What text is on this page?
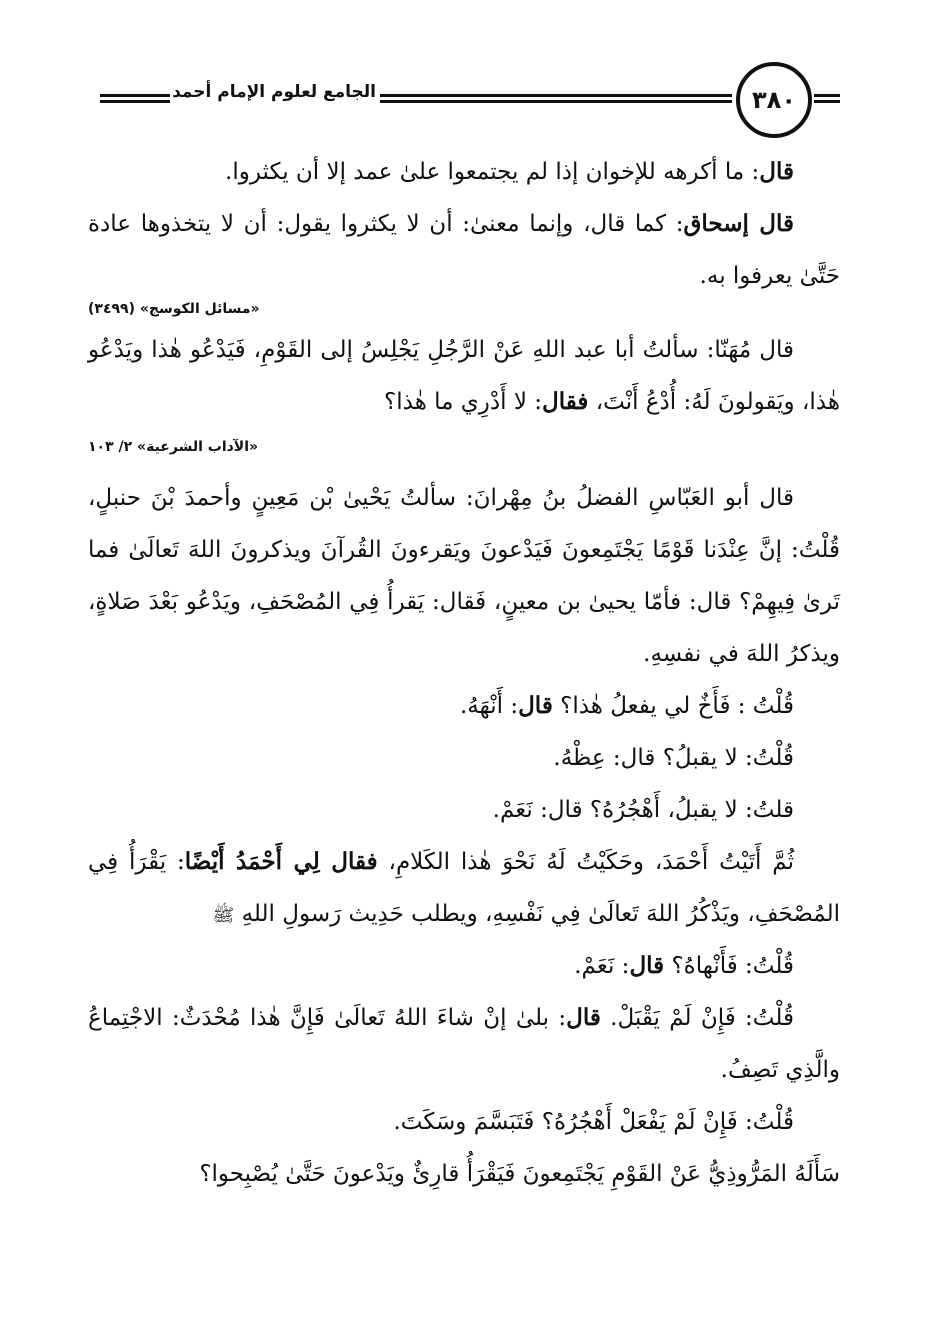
الجامع لعلوم الإمام أحمد	٣٨٠

قال: ما أكرهه للإخوان إذا لم يجتمعوا علىٰ عمد إلا أن يكثروا.

قال إسحاق: كما قال، وإنما معنىٰ: أن لا يكثروا يقول: أن لا يتخذوها عادة حَتَّىٰ يعرفوا به.

«مسائل الكوسج» (٣٤٩٩)

قال مُهَنّا: سألتُ أبا عبد اللهِ عَنْ الرَّجُلِ يَجْلِسُ إلى القَوْمِ، فَيَدْعُو هٰذا ويَدْعُو هٰذا، ويَقولونَ لَهُ: أُدْعُ أَنْتَ، فقال: لا أَدْرِي ما هٰذا؟

«الآداب الشرعية» ٢/ ١٠٣

قال أبو العَبّاسِ الفضلُ بنُ مِهْرانَ: سألتُ يَحْيىٰ بْن مَعِينٍ وأحمدَ بْنَ حنبلٍ، قُلْتُ: إنَّ عِنْدَنا قَوْمًا يَجْتَمِعونَ فَيَدْعونَ ويَقرءونَ القُرآنَ ويذكرونَ اللهَ تَعالَىٰ فما تَرىٰ فِيهِمْ؟ قال: فأمّا يحيىٰ بن معينٍ، فَقال: يَقرأُ فِي المُصْحَفِ، ويَدْعُو بَعْدَ صَلاةٍ، ويذكرُ اللهَ في نفسِهِ.

قُلْتُ : فَأَخٌ لي يفعلُ هٰذا؟ قال: أَنْهَهُ.

قُلْتُ: لا يقبلُ؟ قال: عِظْهُ.

قلتُ: لا يقبلُ، أَهْجُرُهُ؟ قال: نَعَمْ.

ثُمَّ أَتَيْتُ أَحْمَدَ، وحَكَيْتُ لَهُ نَحْوَ هٰذا الكَلامِ، فقال لِي أَحْمَدُ أَيْضًا: يَقْرَأُ فِي المُصْحَفِ، ويَذْكُرُ اللهَ تَعالَىٰ فِي نَفْسِهِ، ويطلب حَدِيث رَسولِ اللهِ ﷺ

قُلْتُ: فَأَنْهاهُ؟ قال: نَعَمْ.

قُلْتُ: فَإِنْ لَمْ يَقْبَلْ. قال: بلىٰ إنْ شاءَ اللهُ تَعالَىٰ فَإِنَّ هٰذا مُحْدَثٌ: الاجْتِماعُ والَّذِي تَصِفُ.

قُلْتُ: فَإِنْ لَمْ يَفْعَلْ أَهْجُرُهُ؟ فَتَبَسَّمَ وسَكَتَ.

سَأَلَهُ المَرُّوذِيُّ عَنْ القَوْمِ يَجْتَمِعونَ فَيَقْرَأُ قارِئٌ ويَدْعونَ حَتَّىٰ يُصْبِحوا؟
